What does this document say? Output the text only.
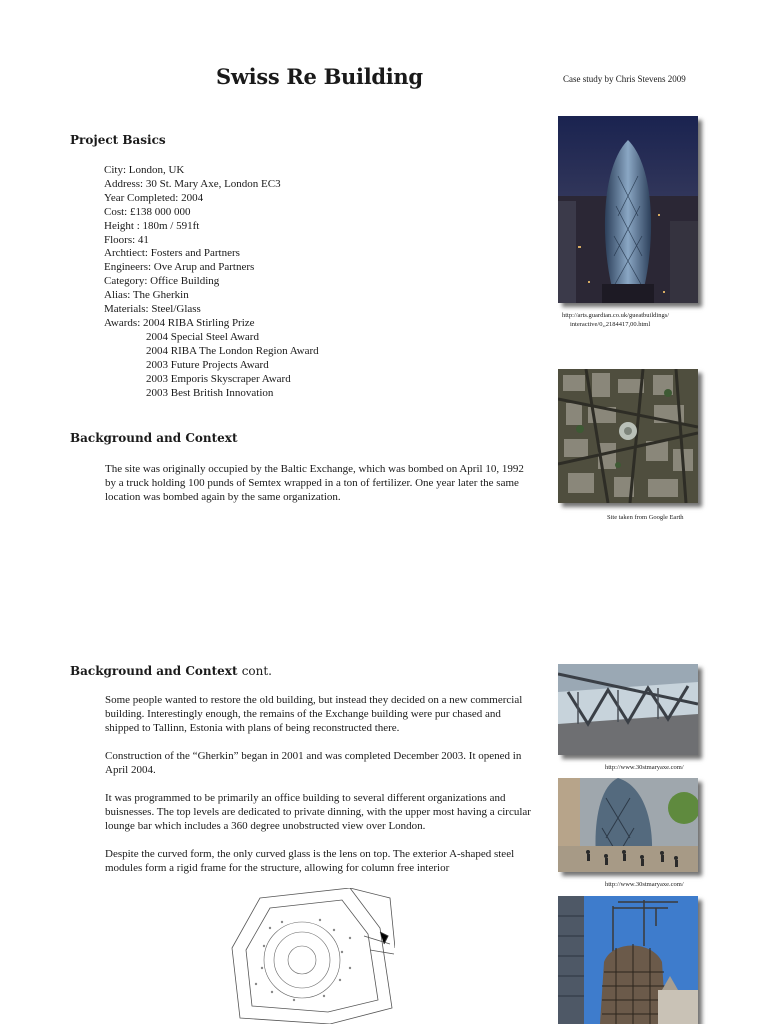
Swiss Re Building	Case study by Chris Stevens 2009
Project Basics
City: London, UK
Address: 30 St. Mary Axe, London EC3
Year Completed: 2004
Cost: £138 000 000
Height : 180m / 591ft
Floors: 41
Archtiect: Fosters and Partners
Engineers: Ove Arup and Partners
Category: Office Building
Alias: The Gherkin
Materials: Steel/Glass
Awards: 2004 RIBA Stirling Prize
2004 Special Steel Award
2004 RIBA The London Region Award
2003 Future Projects Award
2003 Emporis Skyscraper Award
2003 Best British Innovation
Background and Context
The site was originally occupied by the Baltic Exchange, which was bombed on April 10, 1992 by a truck holding 100 punds of Semtex wrapped in a ton of fertilizer. One year later the same location was bombed again by the same organization.
Background and Context cont.

Some people wanted to restore the old building, but instead they decided on a new commercial building. Interestingly enough, the remains of the Exchange building were pur chased and shipped to Tallinn, Estonia with plans of being reconstructed there.

Construction of the “Gherkin” began in 2001 and was completed December 2003. It opened in April 2004.

It was programmed to be primarily an office building to several different organizations and buisnesses. The top levels are dedicated to private dinning, with the upper most having a circular lounge bar which includes a 360 degree unobstructed view over London.

Despite the curved form, the only curved glass is the lens on top. The exterior A-shaped steel modules form a rigid frame for the structure, allowing for column free interior

http://arts.guardian.co.uk/gueatbuildings/
interactive/0,,2184417,00.html
Site taken from Google Earth
http://www.30stmaryaxe.com/
http://www.30stmaryaxe.com/
